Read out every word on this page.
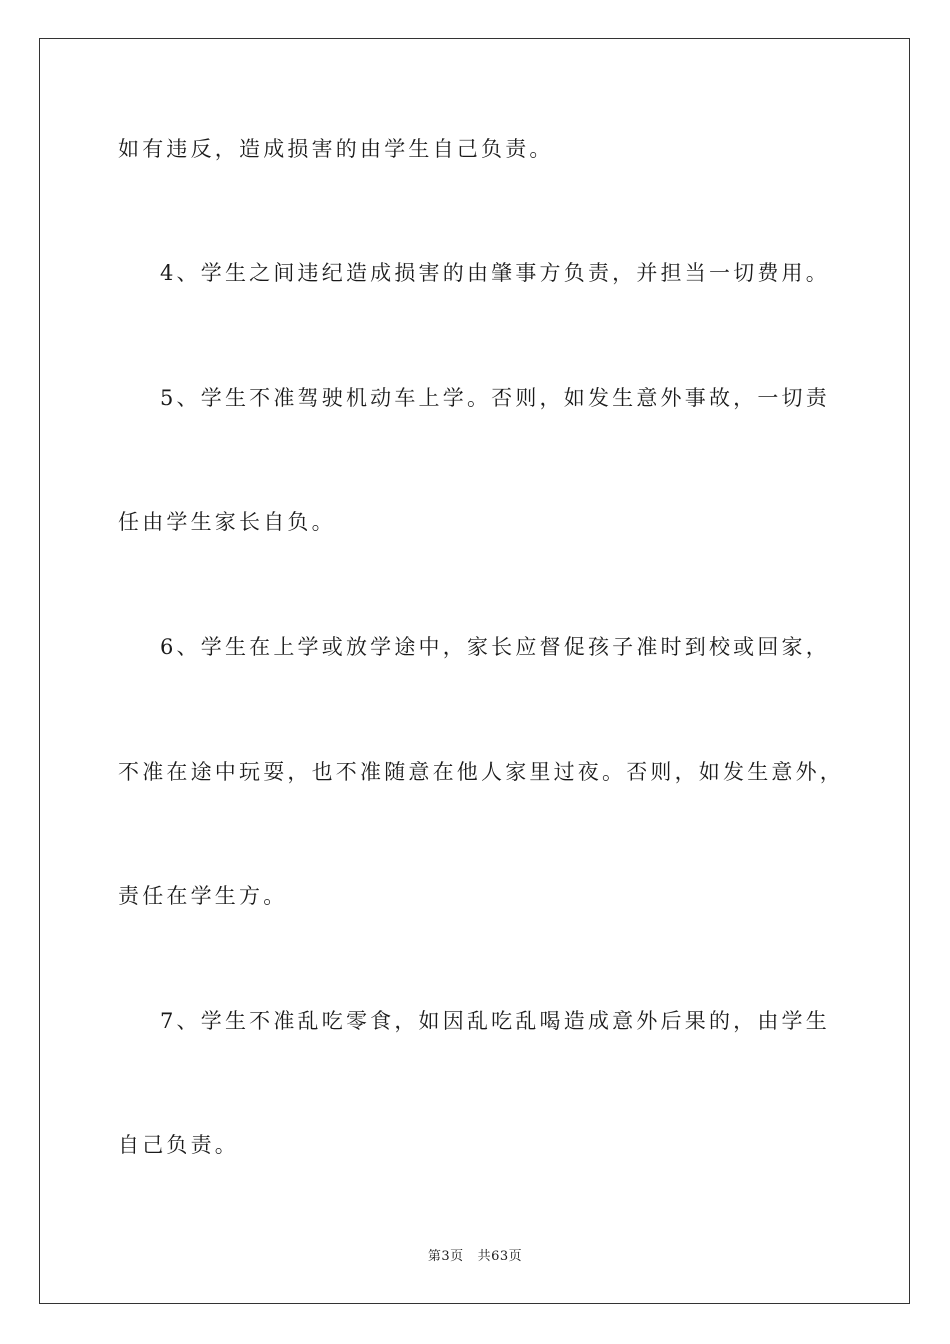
如有违反，造成损害的由学生自己负责。
4、学生之间违纪造成损害的由肇事方负责，并担当一切费用。
5、学生不准驾驶机动车上学。否则，如发生意外事故，一切责
任由学生家长自负。
6、学生在上学或放学途中，家长应督促孩子准时到校或回家，
不准在途中玩耍，也不准随意在他人家里过夜。否则，如发生意外，
责任在学生方。
7、学生不准乱吃零食，如因乱吃乱喝造成意外后果的，由学生
自己负责。
第3页 共63页
